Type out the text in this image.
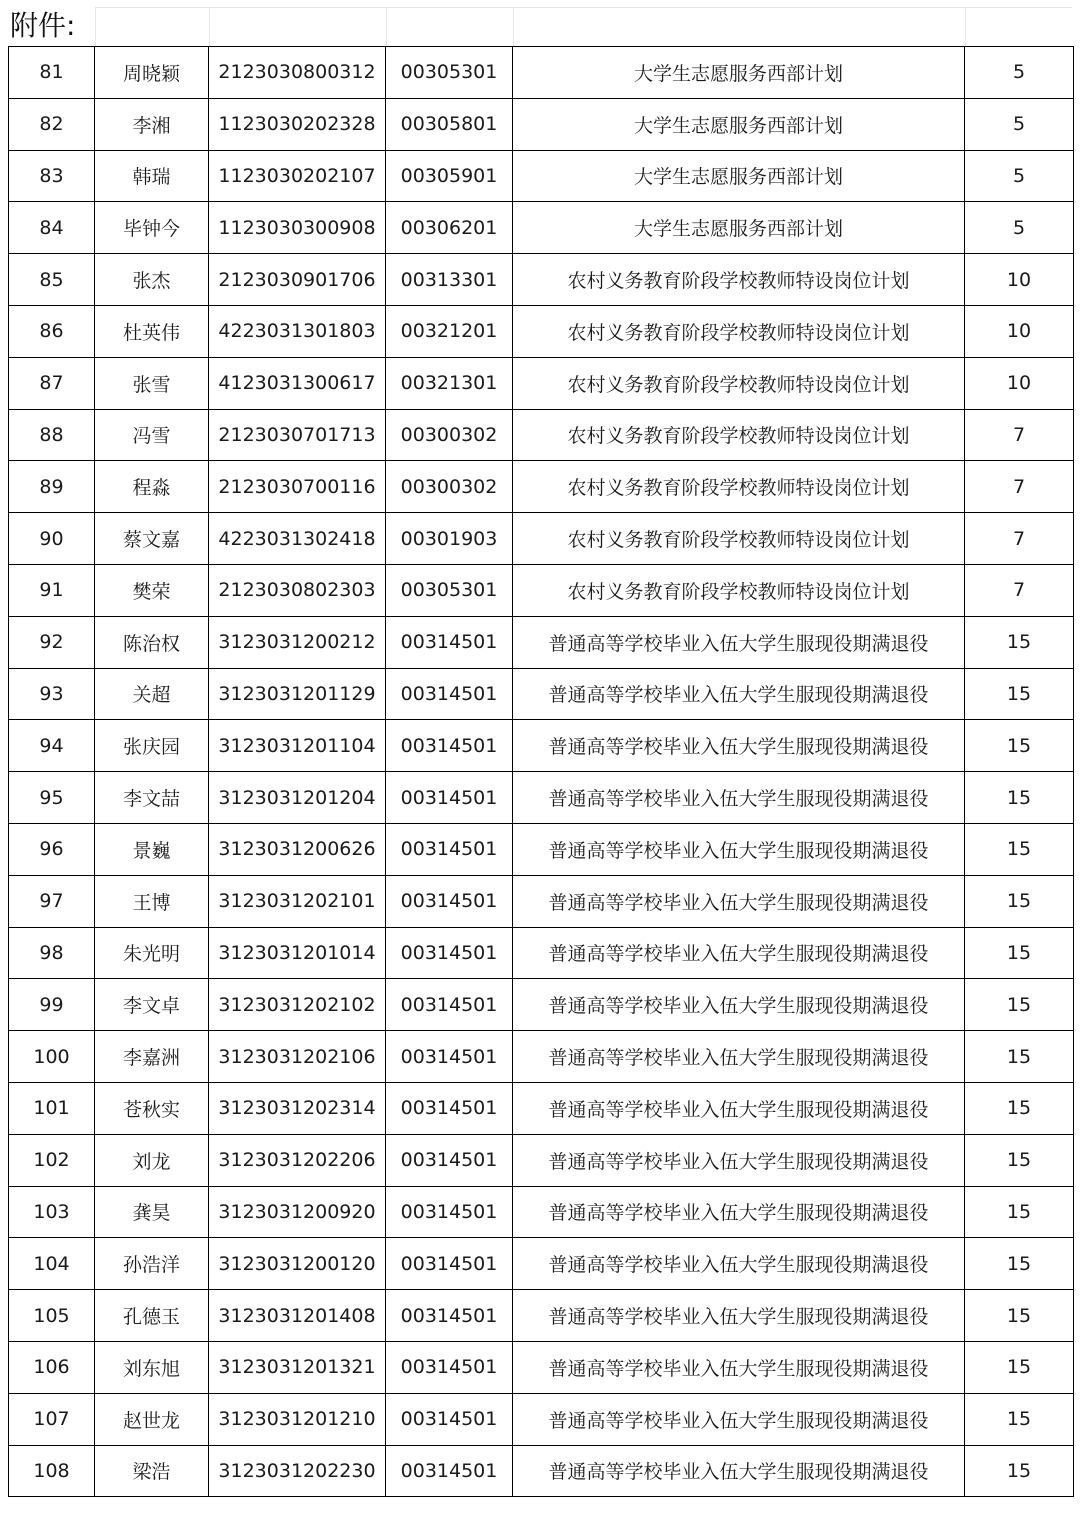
附件:
81	周晓颖	2123030800312	00305301	大学生志愿服务西部计划	5
82	李湘	1123030202328	00305801	大学生志愿服务西部计划	5
83	韩瑞	1123030202107	00305901	大学生志愿服务西部计划	5
84	毕钟今	1123030300908	00306201	大学生志愿服务西部计划	5
85	张杰	2123030901706	00313301	农村义务教育阶段学校教师特设岗位计划	10
86	杜英伟	4223031301803	00321201	农村义务教育阶段学校教师特设岗位计划	10
87	张雪	4123031300617	00321301	农村义务教育阶段学校教师特设岗位计划	10
88	冯雪	2123030701713	00300302	农村义务教育阶段学校教师特设岗位计划	7
89	程淼	2123030700116	00300302	农村义务教育阶段学校教师特设岗位计划	7
90	蔡文嘉	4223031302418	00301903	农村义务教育阶段学校教师特设岗位计划	7
91	樊荣	2123030802303	00305301	农村义务教育阶段学校教师特设岗位计划	7
92	陈治权	3123031200212	00314501	普通高等学校毕业入伍大学生服现役期满退役	15
93	关超	3123031201129	00314501	普通高等学校毕业入伍大学生服现役期满退役	15
94	张庆园	3123031201104	00314501	普通高等学校毕业入伍大学生服现役期满退役	15
95	李文喆	3123031201204	00314501	普通高等学校毕业入伍大学生服现役期满退役	15
96	景巍	3123031200626	00314501	普通高等学校毕业入伍大学生服现役期满退役	15
97	王博	3123031202101	00314501	普通高等学校毕业入伍大学生服现役期满退役	15
98	朱光明	3123031201014	00314501	普通高等学校毕业入伍大学生服现役期满退役	15
99	李文卓	3123031202102	00314501	普通高等学校毕业入伍大学生服现役期满退役	15
100	李嘉洲	3123031202106	00314501	普通高等学校毕业入伍大学生服现役期满退役	15
101	苍秋实	3123031202314	00314501	普通高等学校毕业入伍大学生服现役期满退役	15
102	刘龙	3123031202206	00314501	普通高等学校毕业入伍大学生服现役期满退役	15
103	龚昊	3123031200920	00314501	普通高等学校毕业入伍大学生服现役期满退役	15
104	孙浩洋	3123031200120	00314501	普通高等学校毕业入伍大学生服现役期满退役	15
105	孔德玉	3123031201408	00314501	普通高等学校毕业入伍大学生服现役期满退役	15
106	刘东旭	3123031201321	00314501	普通高等学校毕业入伍大学生服现役期满退役	15
107	赵世龙	3123031201210	00314501	普通高等学校毕业入伍大学生服现役期满退役	15
108	梁浩	3123031202230	00314501	普通高等学校毕业入伍大学生服现役期满退役	15
